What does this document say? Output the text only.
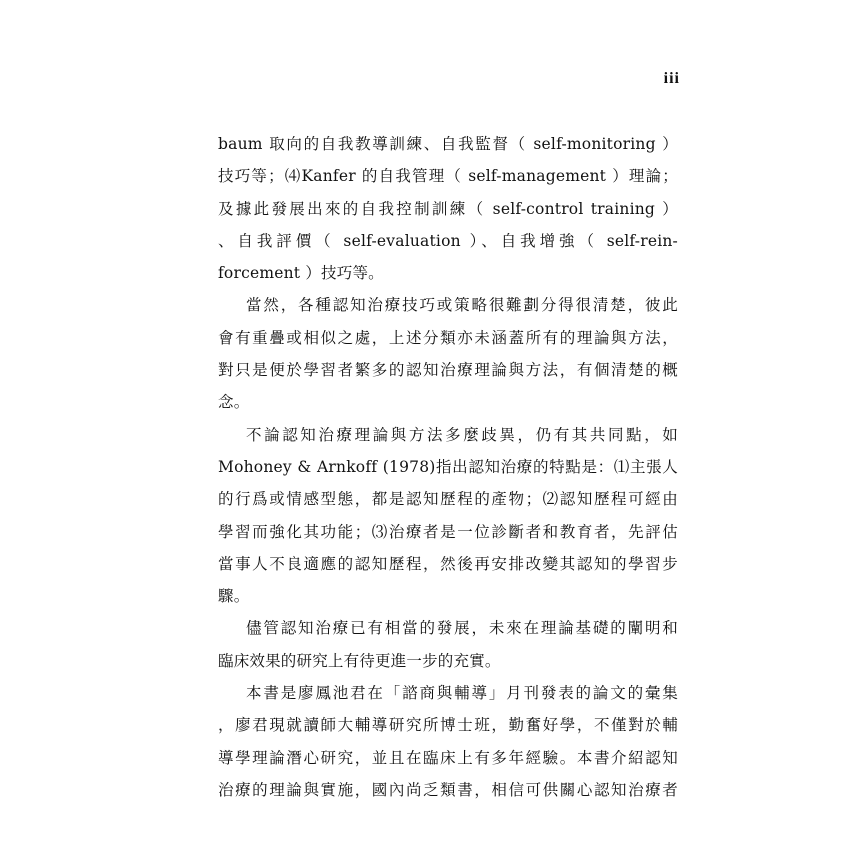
iii
baum 取向的自我教導訓練、自我監督（ self-monitoring ）
技巧等；⑷Kanfer 的自我管理（ self-management ）理論；
及據此發展出來的自我控制訓練（ self-control training ）
、自我評價（ self-evaluation ）、自我增強（ self-rein-
forcement ）技巧等。
當然，各種認知治療技巧或策略很難劃分得很清楚，彼此
會有重疊或相似之處，上述分類亦未涵蓋所有的理論與方法，
對只是便於學習者繁多的認知治療理論與方法，有個清楚的概
念。
不論認知治療理論與方法多麼歧異，仍有其共同點，如
Mohoney & Arnkoff (1978)指出認知治療的特點是：⑴主張人
的行爲或情感型態，都是認知歷程的產物；⑵認知歷程可經由
學習而強化其功能；⑶治療者是一位診斷者和教育者，先評估
當事人不良適應的認知歷程，然後再安排改變其認知的學習步
驟。
儘管認知治療已有相當的發展，未來在理論基礎的闡明和
臨床效果的研究上有待更進一步的充實。
本書是廖鳳池君在「諮商與輔導」月刊發表的論文的彙集
，廖君現就讀師大輔導研究所博士班，勤奮好學，不僅對於輔
導學理論潛心研究，並且在臨床上有多年經驗。本書介紹認知
治療的理論與實施，國內尚乏類書，相信可供關心認知治療者
